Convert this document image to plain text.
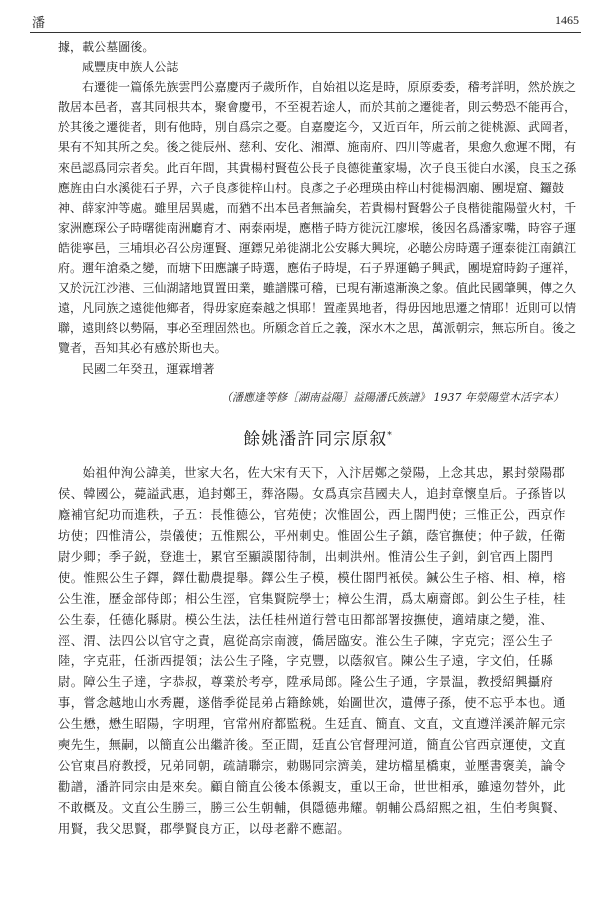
潘	1465

據，載公墓圖後。

咸豐庚申族人公誌

右遷徙一篇係先族雲門公嘉慶丙子歲所作，自始祖以迄是時，原原委委，稽考詳明，然於族之散居本邑者，喜其同根共本，聚會慶弔，不至視若途人，而於其前之遷徙者，則云勢恐不能再合，於其後之遷徙者，則有他時，別自爲宗之憂。自嘉慶迄今，又近百年，所云前之徙桃源、武岡者，果有不知其所之矣。後之徙辰州、慈利、安化、湘潭、施南府、四川等處者，果愈久愈遲不聞，有來邑認爲同宗者矣。此百年間，其貴楊村賢苞公長子良德徙董家場，次子良玉徙白水溪，良玉之孫應旌由白水溪徙石子界，六子良彥徙梓山村。良彥之子必理瑛由梓山村徙楊泗廟、團堤窟、鑼鼓神、薛家沖等處。雖里居異處，而猶不出本邑者無論矣，若貴楊村賢磐公子良楷徙龍陽螢火村，千家洲應琛公子時曙徙南洲廳育才、兩泰兩堤，應楷子時方徙沅江廖堠，後因名爲潘家嘴，時容子運皓徙寧邑，三埔垻必召公房運賢、運鏢兄弟徙湖北公安縣大興垸，必聴公房時選子運泰徙江南鎮江府。邇年滄桑之變，而塘下田應讓子時選，應佑子時堤，石子界運鶴子興武，團堤窟時鈞子運祥，又於沅江沙港、三仙湖諸地買置田業，雖譜牒可稽，已現有漸遠漸渙之象。值此民國肇興，傳之久遠，凡同族之遠徙他鄉者，得毋家庭秦越之惧耶！置產異地者，得毋因地思遷之情耶！近則可以情聯，遠則終以勢隔，事必至理固然也。所願念首丘之義，深水木之思，萬派朝宗，無忘所自。後之覽者，吾知其必有感於斯也夫。

民國二年癸丑，運霖增著

（潘應逢等修［湖南益陽］益陽潘氏族譜》 1937 年滎陽堂木活字本）

餘姚潘許同宗原叙*

始祖仲洵公諱美，世家大名，佐大宋有天下，入汴居鄭之滎陽，上念其忠，累封滎陽郡侯、韓國公，薨謚武惠，追封鄭王，葬洛陽。女爲真宗莒國夫人，追封章懷皇后。子孫皆以廕補官紀功而進秩，子五：長惟德公，官苑使；次惟固公，西上閤門使；三惟正公，西京作坊使；四惟清公，崇儀使；五惟熙公，平州刺史。惟固公生子鎮，蔭官撫使；仲子鈸，任衛尉少卿；季子鋭，登進士，累官至顯謨閣待制，出刺洪州。惟清公生子釗，釗官西上閤門使。惟熙公生子鐸，鐸仕勸農提舉。鐸公生子模，模仕閤門衹侯。鍼公生子榕、相、樟，榕公生淮，歷金部侍郎；相公生涇，官集賢院學士；樟公生渭，爲太廟齋郎。釗公生子桂，桂公生泰，任德化縣尉。模公生法，法任桂州道行營屯田都部署按撫使，適靖康之變，淮、涇、渭、法四公以官守之責，扈從高宗南渡，僑居臨安。淮公生子陳，字克完；涇公生子陸，字克莊，任浙西提領；法公生子隆，字克豐，以蔭叙官。陳公生子遠，字文伯，任縣尉。障公生子達，字恭叔，尊業於考亭，陞承局郎。隆公生子通，字景温，教授紹興攝府事，嘗念越地山水秀麗，遂偕季從昆弟占籍餘姚，始圖世次，遺傳子孫，使不忘乎本也。通公生懋，懋生昭陽，字明理，官常州府都監税。生廷直、簡直、文直，文直遵洋溪許解元宗奭先生，無嗣，以簡直公出繼許後。至正間，廷直公官督理河道，簡直公官西京運使，文直公官東昌府教授，兄弟同朝，疏請聯宗，勅賜同宗濟美，建坊檔星橋東，並壓書褒美，論令勸譜，潘許同宗由是來矣。顧自簡直公後本係親支，重以王命，世世相承，雖遠勿替外，此不敢概及。文直公生勝三，勝三公生朝輔，俱隱德弗耀。朝輔公爲紹熙之祖，生伯考與賢、用賢，我父思賢，郡學賢良方正，以母老辭不應詔。
